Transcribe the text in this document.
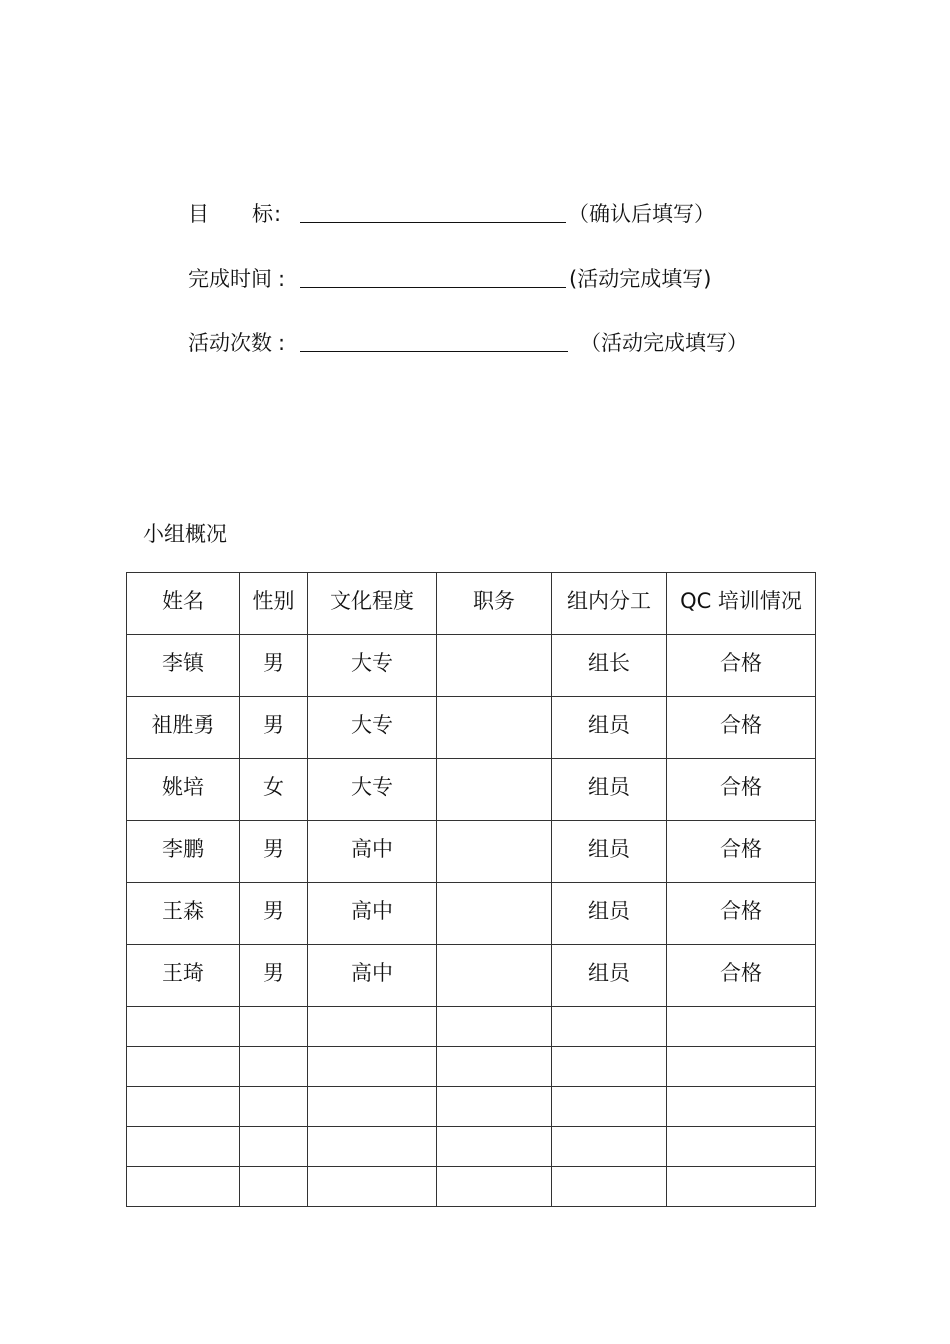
目 标 :	（确认后填写）
完成时间 :	(活动完成填写)
活动次数 :	（活动完成填写）
小组概况
姓名	性别	文化程度	职务	组内分工	QC 培训情况
李镇	男	大专		组长	合格
祖胜勇	男	大专		组员	合格
姚培	女	大专		组员	合格
李鹏	男	高中		组员	合格
王森	男	高中		组员	合格
王琦	男	高中		组员	合格
